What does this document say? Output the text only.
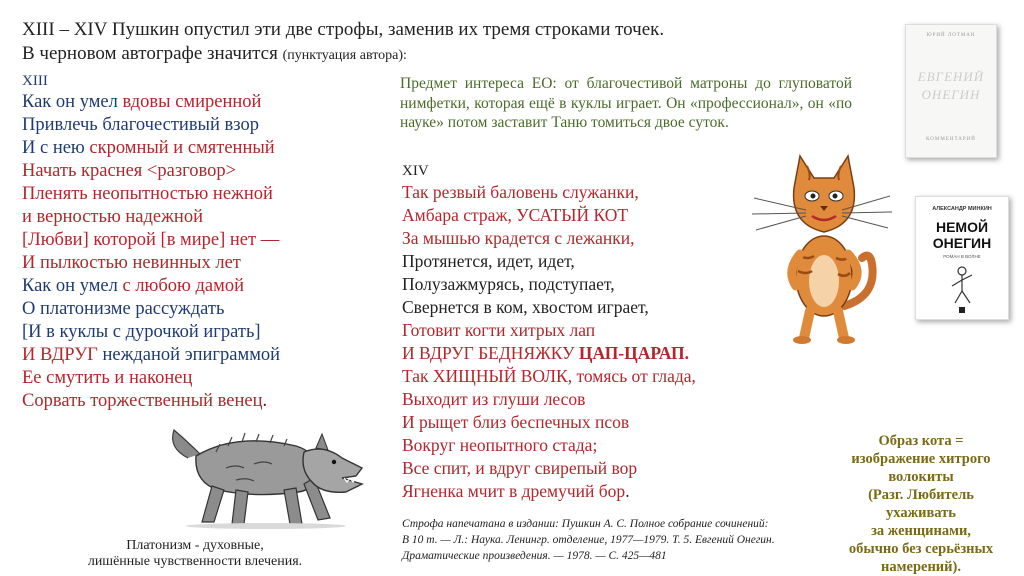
XIII – XIV Пушкин опустил эти две строфы, заменив их тремя строками точек.
В черновом автографе значится (пунктуация автора):
XIII
Как он умел вдовы смиренной
Привлечь благочестивый взор
И с нею скромный и смятенный
Начать краснея <разговор>
Пленять неопытностью нежной
и верностью надежной
[Любви] которой [в мире] нет —
И пылкостью невинных лет
Как он умел с любою дамой
О платонизме рассуждать
[И в куклы с дурочкой играть]
И ВДРУГ нежданой эпиграммой
Ее смутить и наконец
Сорвать торжественный венец.
Предмет интереса ЕО: от благочестивой матроны до глуповатой нимфетки, которая ещё в куклы играет. Он «профессионал», он «по науке» потом заставит Таню томиться двое суток.
XIV
Так резвый баловень служанки,
Амбара страж, УСАТЫЙ КОТ
За мышью крадется с лежанки,
Протянется, идет, идет,
Полузажмурясь, подступает,
Свернется в ком, хвостом играет,
Готовит когти хитрых лап
И ВДРУГ БЕДНЯЖКУ ЦАП-ЦАРАП.
Так ХИЩНЫЙ ВОЛК, томясь от глада,
Выходит из глуши лесов
И рыщет близ беспечных псов
Вокруг неопытного стада;
Все спит, и вдруг свирепый вор
Ягненка мчит в дремучий бор.
Строфа напечатана в издании: Пушкин А. С. Полное собрание сочинений:
В 10 т. — Л.: Наука. Ленингр. отделение, 1977—1979. Т. 5. Евгений Онегин.
Драматические произведения. — 1978. — С. 425—481
Платонизм - духовные,
лишённые чувственности влечения.
Образ кота =
изображение хитрого
волокиты
(Разг. Любитель
ухаживать
за женщинами,
обычно без серьёзных
намерений).
ЮРИЙ ЛОТМАН
ЕВГЕНИЙ
ОНЕГИН
КОММЕНТАРИЙ
АЛЕКСАНДР МИНКИН
НЕМОЙ
ОНЕГИН
РОМАН В ВОЛНЕ
